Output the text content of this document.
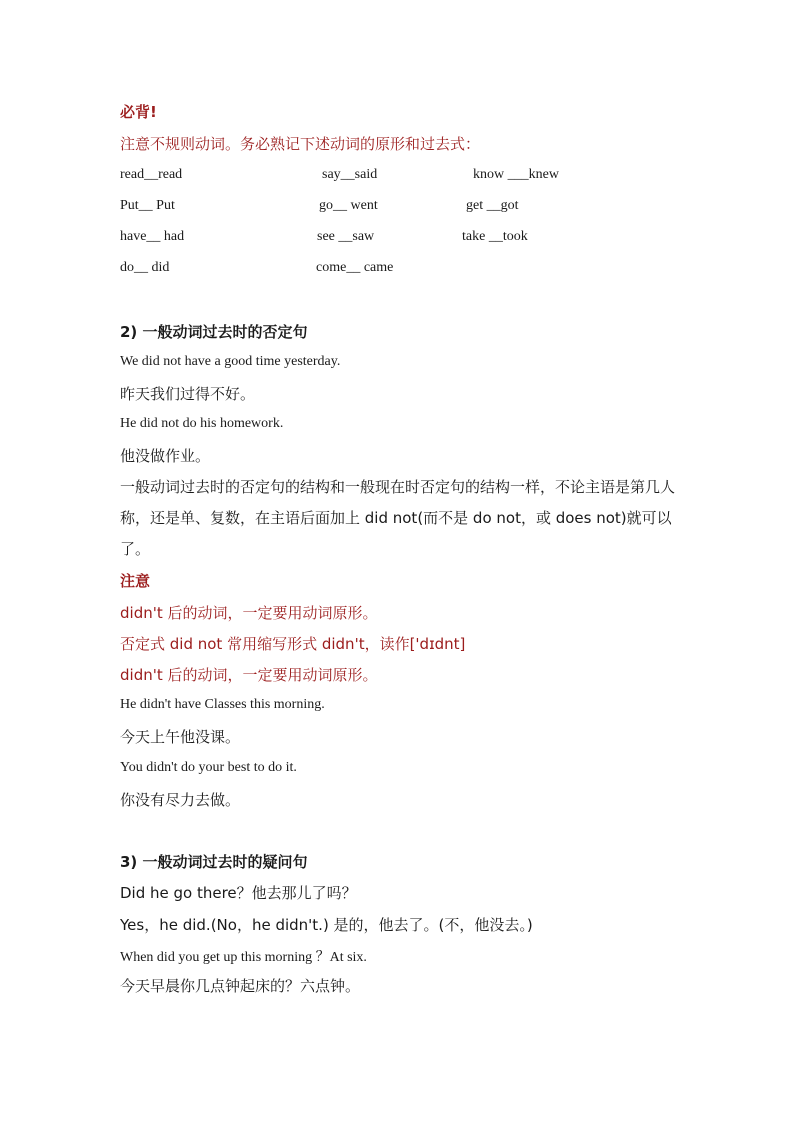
必背!
注意不规则动词。务必熟记下述动词的原形和过去式：
read__read	say__said	know ___knew
Put__ Put	go__ went	get __got
have__ had	see __saw	take __took
do__ did	come__ came
2) 一般动词过去时的否定句
We did not have a good time yesterday.
昨天我们过得不好。
He did not do his homework.
他没做作业。
一般动词过去时的否定句的结构和一般现在时否定句的结构一样，不论主语是第几人称，还是单、复数，在主语后面加上 did not(而不是 do not，或 does not)就可以了。
注意
didn't 后的动词，一定要用动词原形。
否定式 did not 常用缩写形式 didn't，读作['dɪdnt]
didn't 后的动词，一定要用动词原形。
He didn't have Classes this morning.
今天上午他没课。
You didn't do your best to do it.
你没有尽力去做。
3) 一般动词过去时的疑问句
Did he go there？他去那儿了吗？
Yes，he did.(No，he didn't.) 是的，他去了。(不，他没去。)
When did you get up this morning ？At six.
今天早晨你几点钟起床的？六点钟。
